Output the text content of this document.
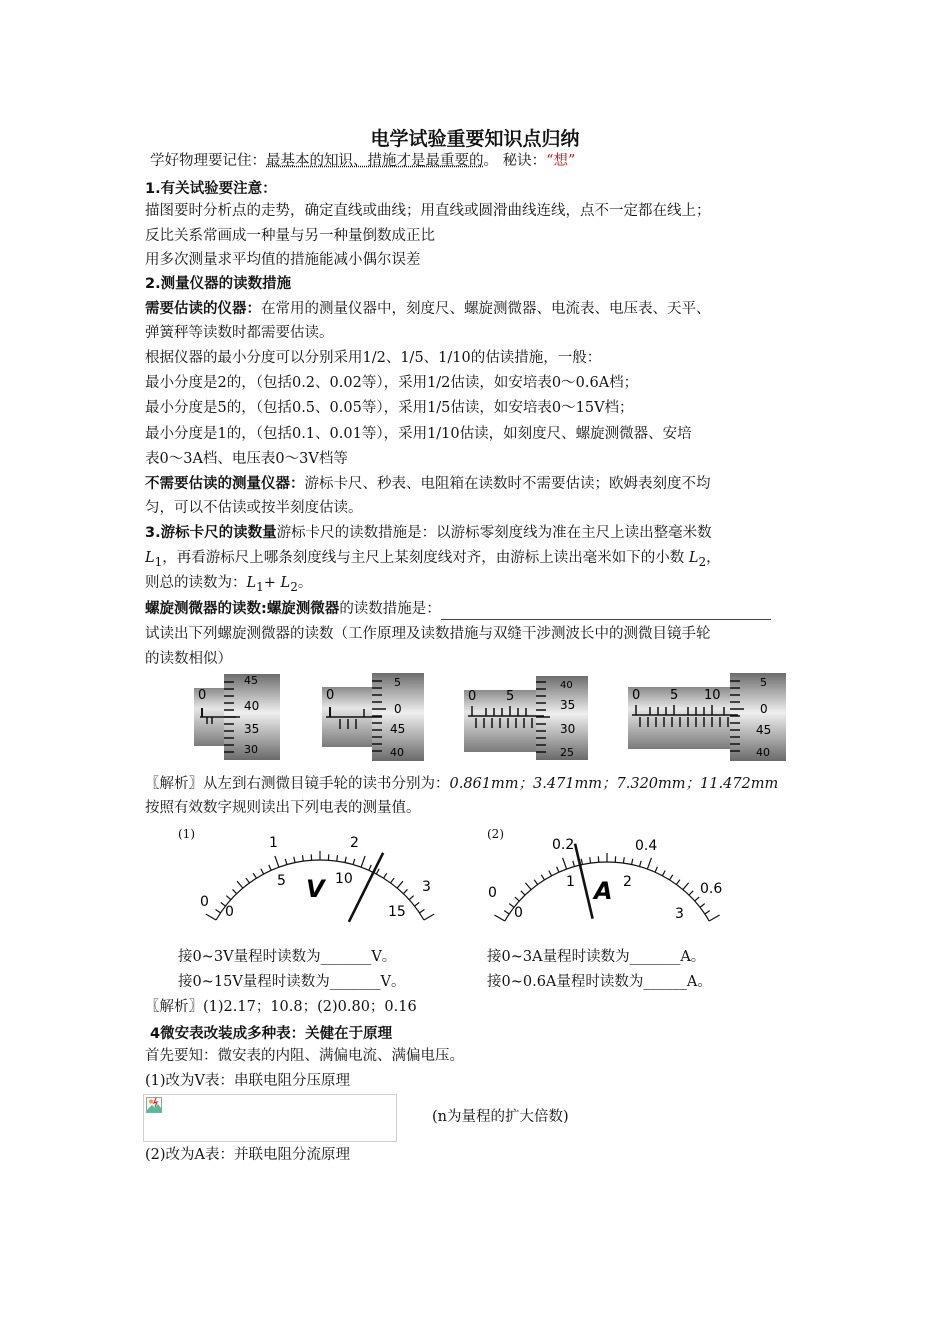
电学试验重要知识点归纳
学好物理要记住：最基本的知识、措施才是最重要的。 秘诀：“想”
1.有关试验要注意：
描图要时分析点的走势，确定直线或曲线；用直线或圆滑曲线连线，点不一定都在线上；
反比关系常画成一种量与另一种量倒数成正比
用多次测量求平均值的措施能减小偶尔误差
2.测量仪器的读数措施
需要估读的仪器：在常用的测量仪器中，刻度尺、螺旋测微器、电流表、电压表、天平、
弹簧秤等读数时都需要估读。
根据仪器的最小分度可以分别采用1/2、1/5、1/10的估读措施，一般：
最小分度是2的，（包括0.2、0.02等），采用1/2估读，如安培表0～0.6A档；
最小分度是5的，（包括0.5、0.05等），采用1/5估读，如安培表0～15V档；
最小分度是1的，（包括0.1、0.01等），采用1/10估读，如刻度尺、螺旋测微器、安培
表0～3A档、电压表0～3V档等
不需要估读的测量仪器：游标卡尺、秒表、电阻箱在读数时不需要估读；欧姆表刻度不均
匀，可以不估读或按半刻度估读。
3.游标卡尺的读数量游标卡尺的读数措施是：以游标零刻度线为准在主尺上读出整毫米数
$L_1$，再看游标尺上哪条刻度线与主尺上某刻度线对齐，由游标上读出毫米如下的小数 $L_2$，
则总的读数为：$L_1+ L_2$。
螺旋测微器的读数:螺旋测微器的读数措施是：
试读出下列螺旋测微器的读数（工作原理及读数措施与双缝干涉测波长中的测微目镜手轮
的读数相似）
0
45
40
35
30
0
5
0
45
40
0 5
40
35
30
25
0 5 10
5
0
45
40
〖解析〗从左到右测微目镜手轮的读书分别为：0.861mm；3.471mm；7.320mm；11.472mm
按照有效数字规则读出下列电表的测量值。
(1)
0
1	2
3
0
5	10
15
V
(2)
0
0.2	0.4
0.6
0
1	2
3
A
接0~3V量程时读数为_______V。
接0~15V量程时读数为_______V。
接0~3A量程时读数为_______A。
接0~0.6A量程时读数为______A。
〖解析〗(1)2.17；10.8；(2)0.80；0.16
4微安表改装成多种表：关健在于原理
首先要知：微安表的内阻、满偏电流、满偏电压。
(1)改为V表：串联电阻分压原理
(n为量程的扩大倍数)
(2)改为A表：并联电阻分流原理
